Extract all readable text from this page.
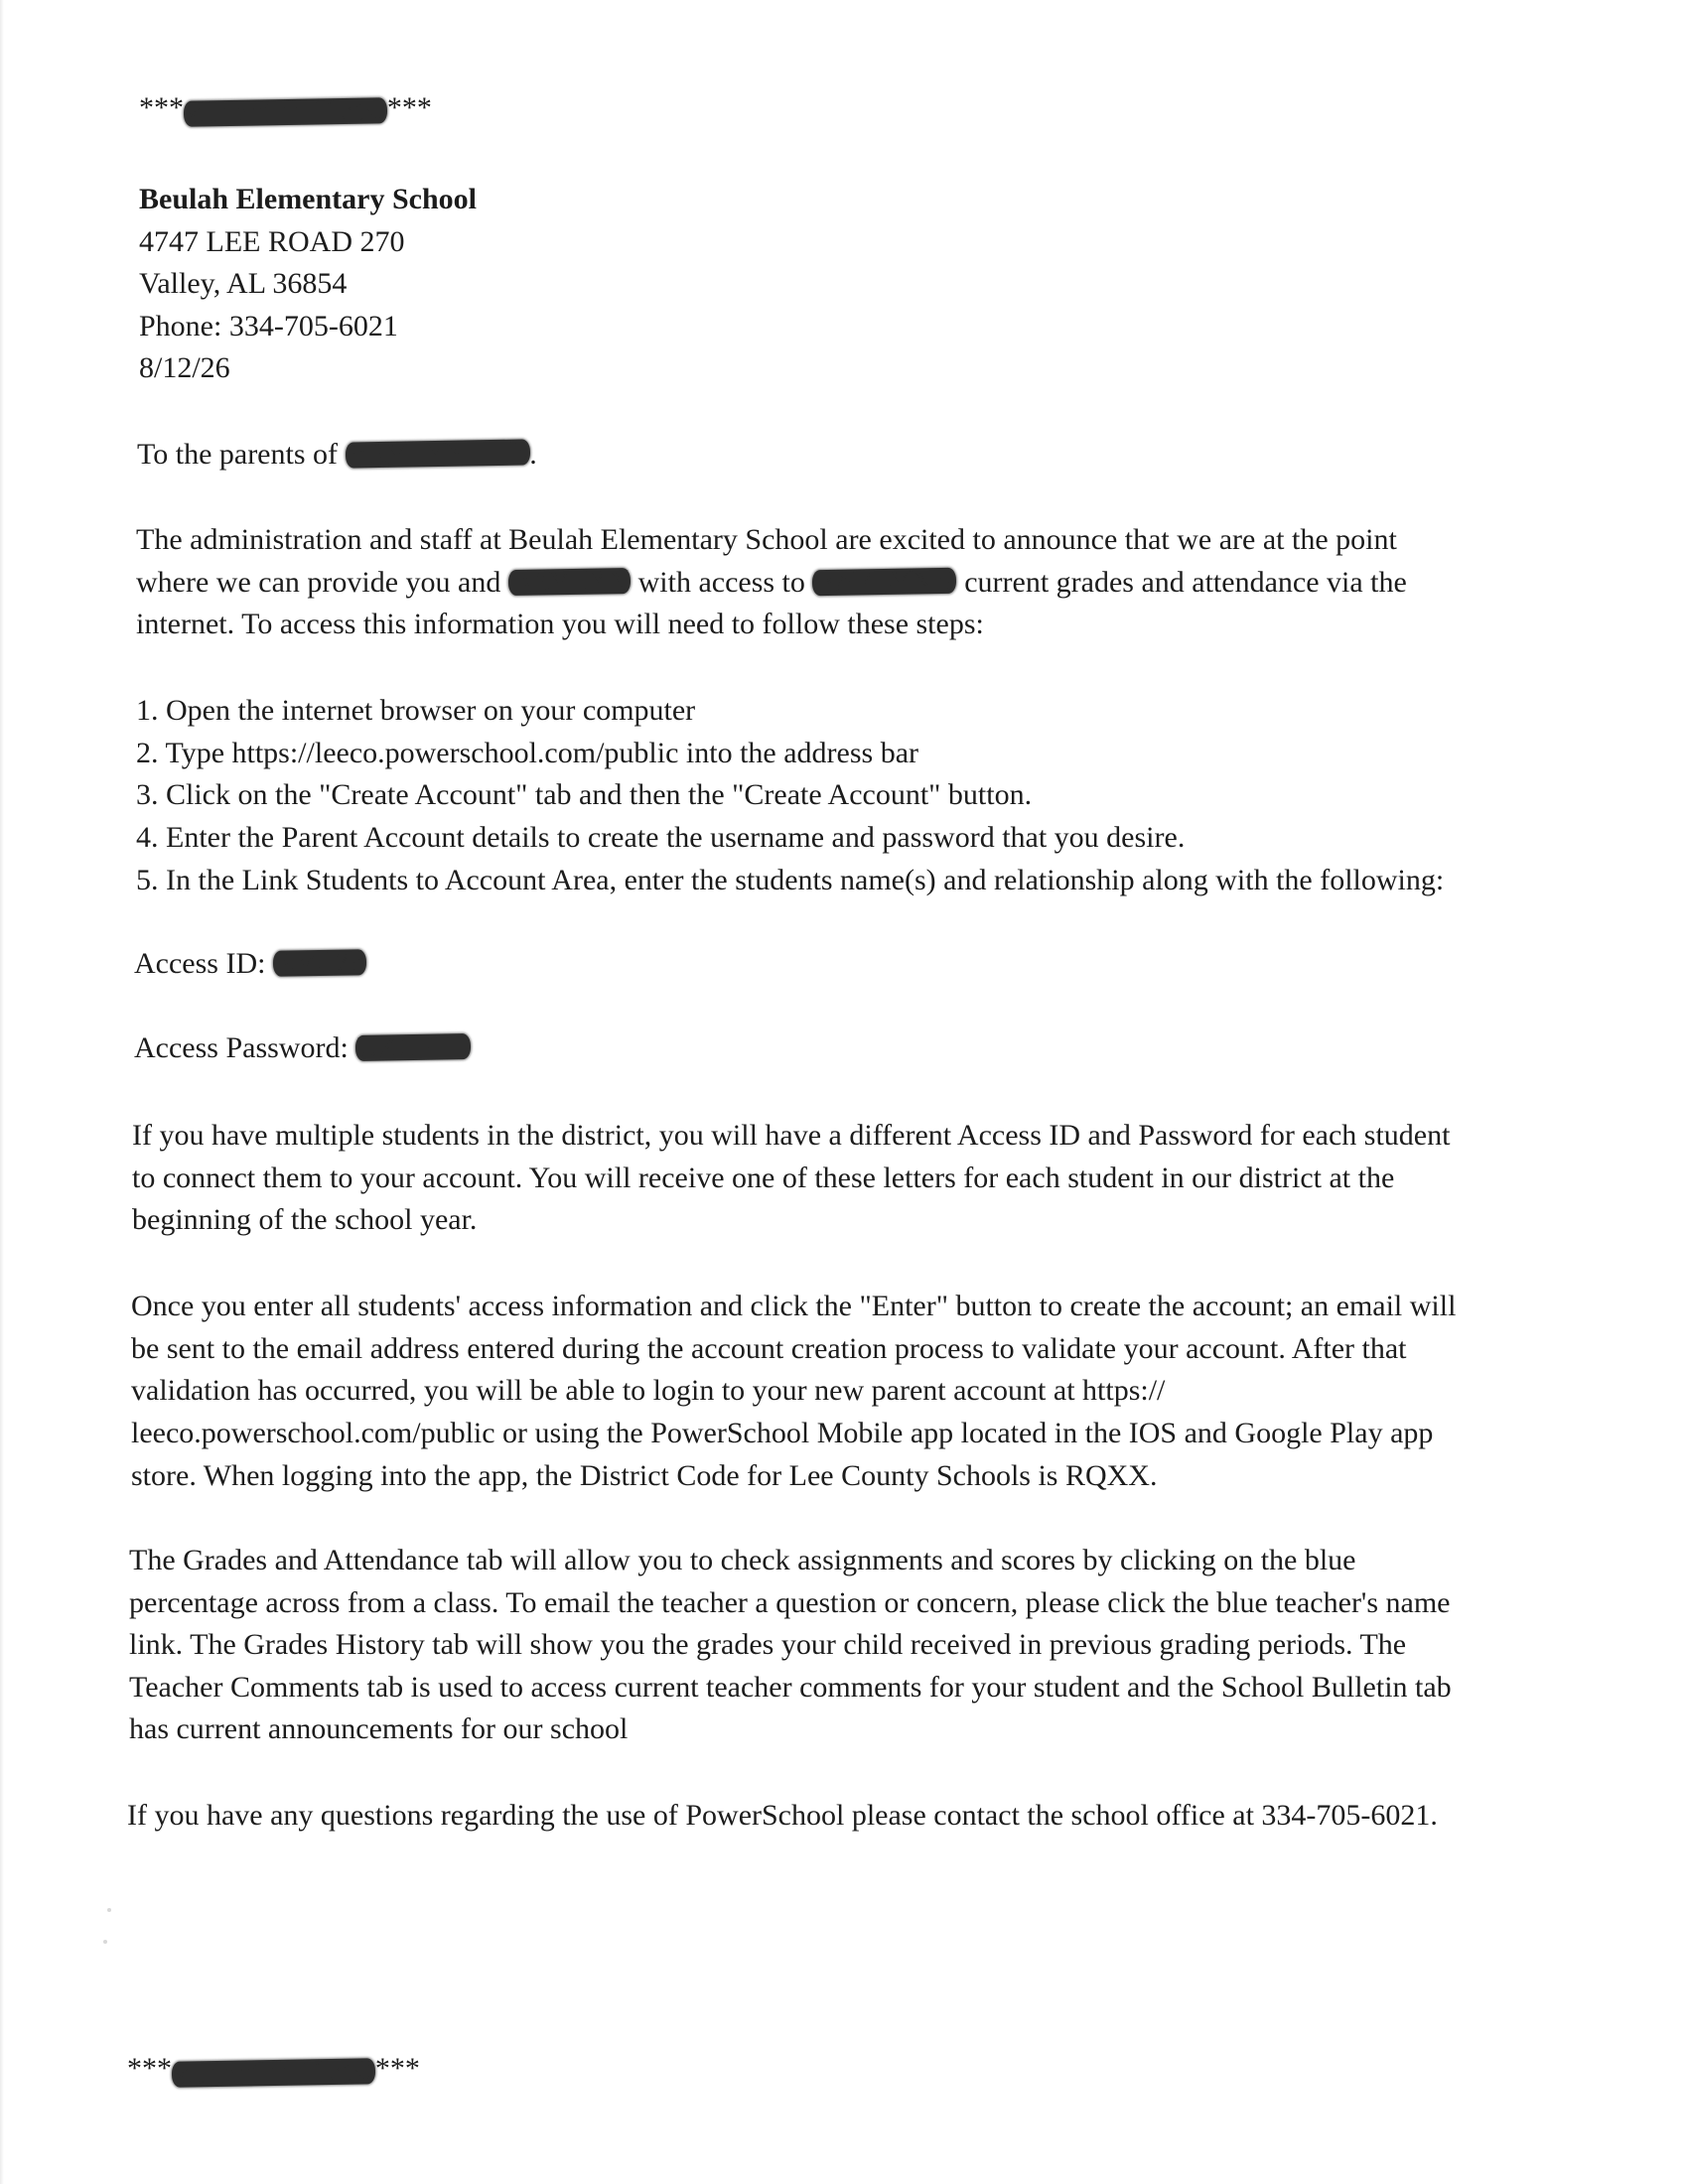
***studentid=11360***
Beulah Elementary School
4747 LEE ROAD 270
Valley, AL 36854
Phone: 334-705-6021
8/12/26
To the parents of BAYLYN LEE.
The administration and staff at Beulah Elementary School are excited to announce that we are at the point
where we can provide you and BAYLYN with access to BAYLYN'S current grades and attendance via the
internet. To access this information you will need to follow these steps:
1. Open the internet browser on your computer
2. Type https://leeco.powerschool.com/public into the address bar
3. Click on the "Create Account" tab and then the "Create Account" button.
4. Enter the Parent Account details to create the username and password that you desire.
5. In the Link Students to Account Area, enter the students name(s) and relationship along with the following:
Access ID: 334178
Access Password: UZCPFL
If you have multiple students in the district, you will have a different Access ID and Password for each student
to connect them to your account. You will receive one of these letters for each student in our district at the
beginning of the school year.
Once you enter all students' access information and click the "Enter" button to create the account; an email will
be sent to the email address entered during the account creation process to validate your account. After that
validation has occurred, you will be able to login to your new parent account at https://
leeco.powerschool.com/public or using the PowerSchool Mobile app located in the IOS and Google Play app
store. When logging into the app, the District Code for Lee County Schools is RQXX.
The Grades and Attendance tab will allow you to check assignments and scores by clicking on the blue
percentage across from a class. To email the teacher a question or concern, please click the blue teacher's name
link. The Grades History tab will show you the grades your child received in previous grading periods. The
Teacher Comments tab is used to access current teacher comments for your student and the School Bulletin tab
has current announcements for our school
If you have any questions regarding the use of PowerSchool please contact the school office at 334-705-6021.
***studentid=11360***
